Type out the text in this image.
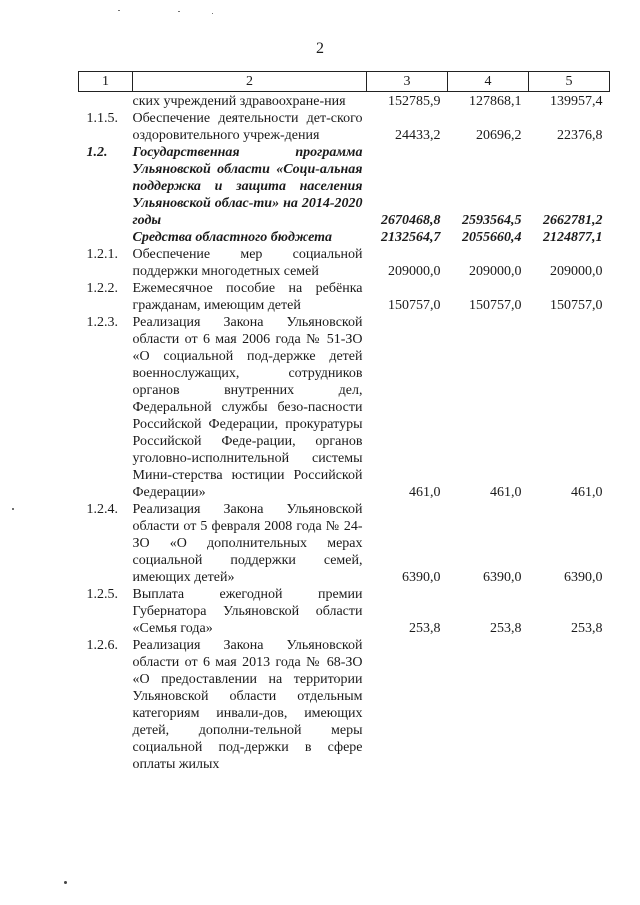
2
1	2	3	4	5
	ских учреждений здравоохране-ния	152785,9	127868,1	139957,4
1.1.5.	Обеспечение деятельности дет-ского оздоровительного учреж-дения	24433,2	20696,2	22376,8
1.2.	Государственная программа Ульяновской области «Соци-альная поддержка и защита населения Ульяновской облас-ти» на 2014-2020 годы	2670468,8	2593564,5	2662781,2
	Средства областного бюджета	2132564,7	2055660,4	2124877,1
1.2.1.	Обеспечение мер социальной поддержки многодетных семей	209000,0	209000,0	209000,0
1.2.2.	Ежемесячное пособие на ребёнка гражданам, имеющим детей	150757,0	150757,0	150757,0
1.2.3.	Реализация Закона Ульяновской области от 6 мая 2006 года № 51-ЗО «О социальной под-держке детей военнослужащих, сотрудников органов внутренних дел, Федеральной службы безо-пасности Российской Федерации, прокуратуры Российской Феде-рации, органов уголовно-исполнительной системы Мини-стерства юстиции Российской Федерации»	461,0	461,0	461,0
1.2.4.	Реализация Закона Ульяновской области от 5 февраля 2008 года № 24-ЗО «О дополнительных мерах социальной поддержки семей, имеющих детей»	6390,0	6390,0	6390,0
1.2.5.	Выплата ежегодной премии Губернатора Ульяновской области «Семья года»	253,8	253,8	253,8
1.2.6.	Реализация Закона Ульяновской области от 6 мая 2013 года № 68-ЗО «О предоставлении на территории Ульяновской области отдельным категориям инвали-дов, имеющих детей, дополни-тельной меры социальной под-держки в сфере оплаты жилых			
